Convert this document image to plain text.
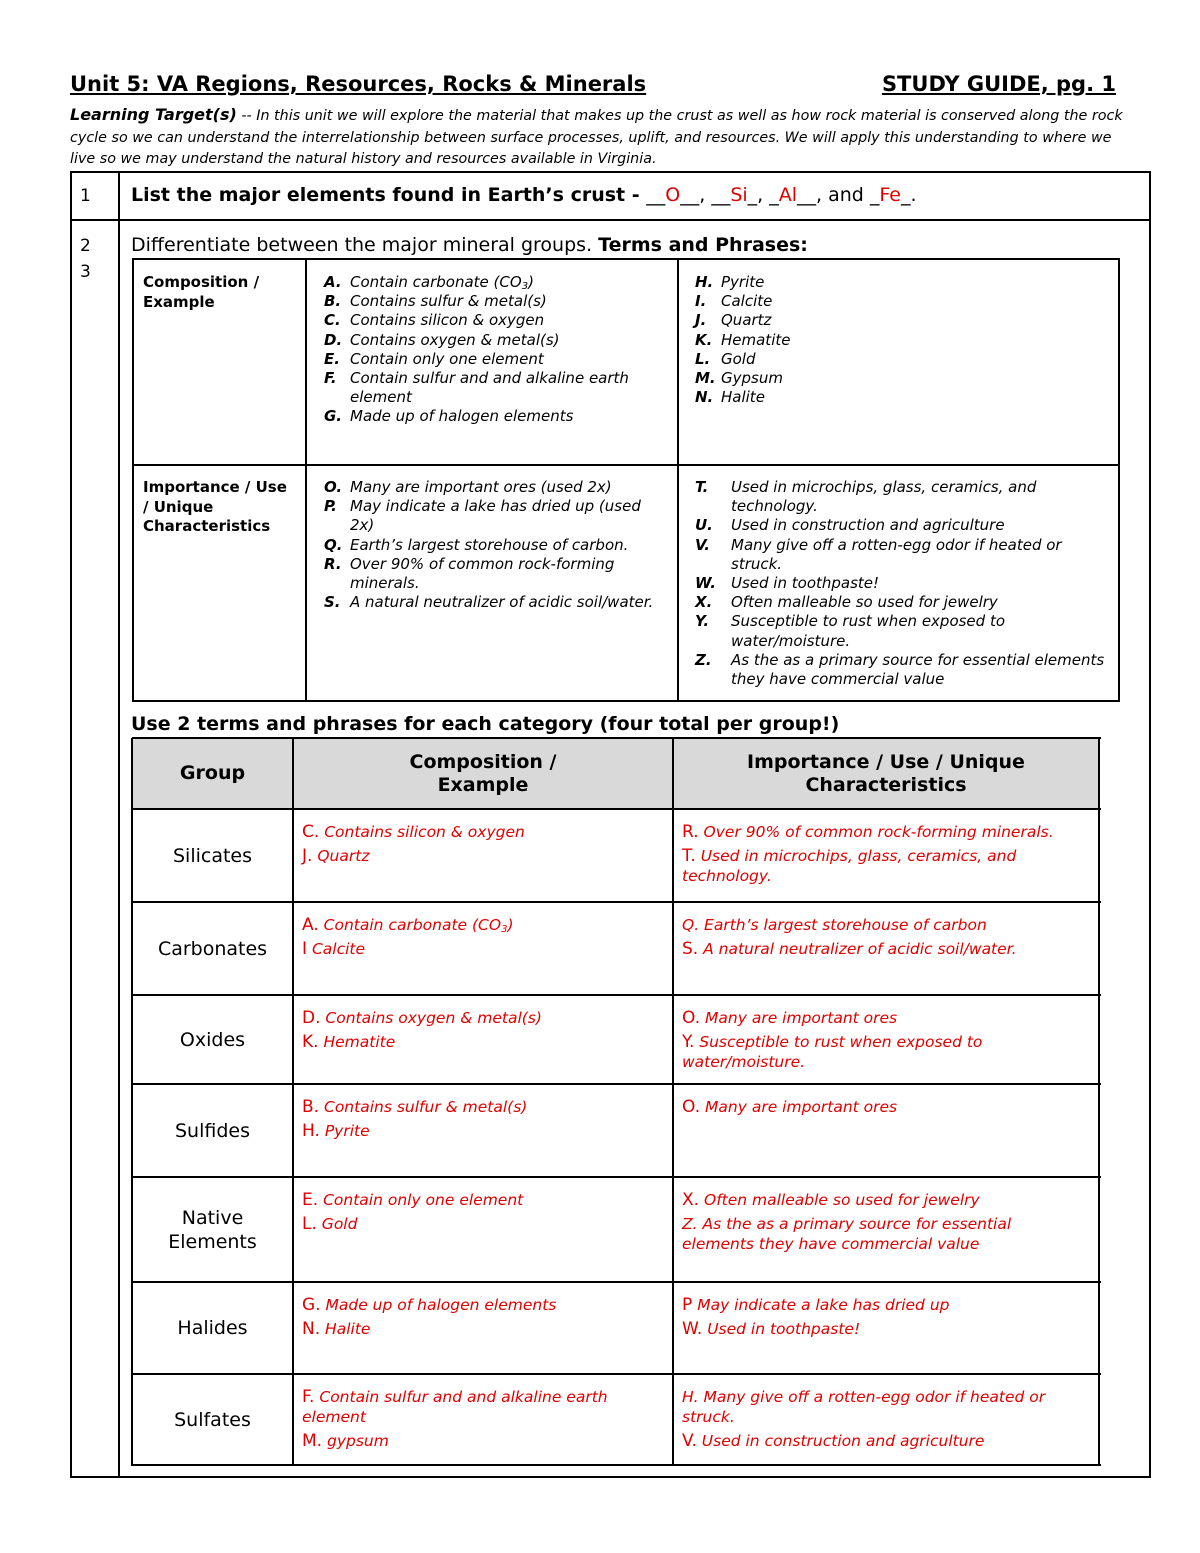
Unit 5: VA Regions, Resources, Rocks & Minerals	STUDY GUIDE, pg. 1
Learning Target(s) -- In this unit we will explore the material that makes up the crust as well as how rock material is conserved along the rock cycle so we can understand the interrelationship between surface processes, uplift, and resources. We will apply this understanding to where we live so we may understand the natural history and resources available in Virginia.
1 List the major elements found in Earth’s crust - __O__, __Si_, _Al__, and _Fe_.
2
3
Differentiate between the major mineral groups. Terms and Phrases:
Composition / Example
A. Contain carbonate $(CO_3)$
B. Contains sulfur & metal(s)
C. Contains silicon & oxygen
D. Contains oxygen & metal(s)
E. Contain only one element
F. Contain sulfur and and alkaline earth element
G. Made up of halogen elements
H. Pyrite
I. Calcite
J. Quartz
K. Hematite
L. Gold
M. Gypsum
N. Halite
Importance / Use / Unique Characteristics
O. Many are important ores (used 2x)
P. May indicate a lake has dried up (used 2x)
Q. Earth’s largest storehouse of carbon.
R. Over 90% of common rock-forming minerals.
S. A natural neutralizer of acidic soil/water.
T. Used in microchips, glass, ceramics, and technology.
U. Used in construction and agriculture
V. Many give off a rotten-egg odor if heated or struck.
W. Used in toothpaste!
X. Often malleable so used for jewelry
Y. Susceptible to rust when exposed to water/moisture.
Z. As the as a primary source for essential elements they have commercial value
Use 2 terms and phrases for each category (four total per group!)
Group
Composition / Example
Importance / Use / Unique Characteristics
Silicates
C. Contains silicon & oxygen
J. Quartz
R. Over 90% of common rock-forming minerals.
T. Used in microchips, glass, ceramics, and technology.
Carbonates
A. Contain carbonate $(CO_3)$
I Calcite
Q. Earth’s largest storehouse of carbon
S. A natural neutralizer of acidic soil/water.
Oxides
D. Contains oxygen & metal(s)
K. Hematite
O. Many are important ores
Y. Susceptible to rust when exposed to water/moisture.
Sulfides
B. Contains sulfur & metal(s)
H. Pyrite
O. Many are important ores
Native Elements
E. Contain only one element
L. Gold
X. Often malleable so used for jewelry
Z. As the as a primary source for essential elements they have commercial value
Halides
G. Made up of halogen elements
N. Halite
P May indicate a lake has dried up
W. Used in toothpaste!
Sulfates
F. Contain sulfur and and alkaline earth element
M. gypsum
H. Many give off a rotten-egg odor if heated or struck.
V. Used in construction and agriculture
